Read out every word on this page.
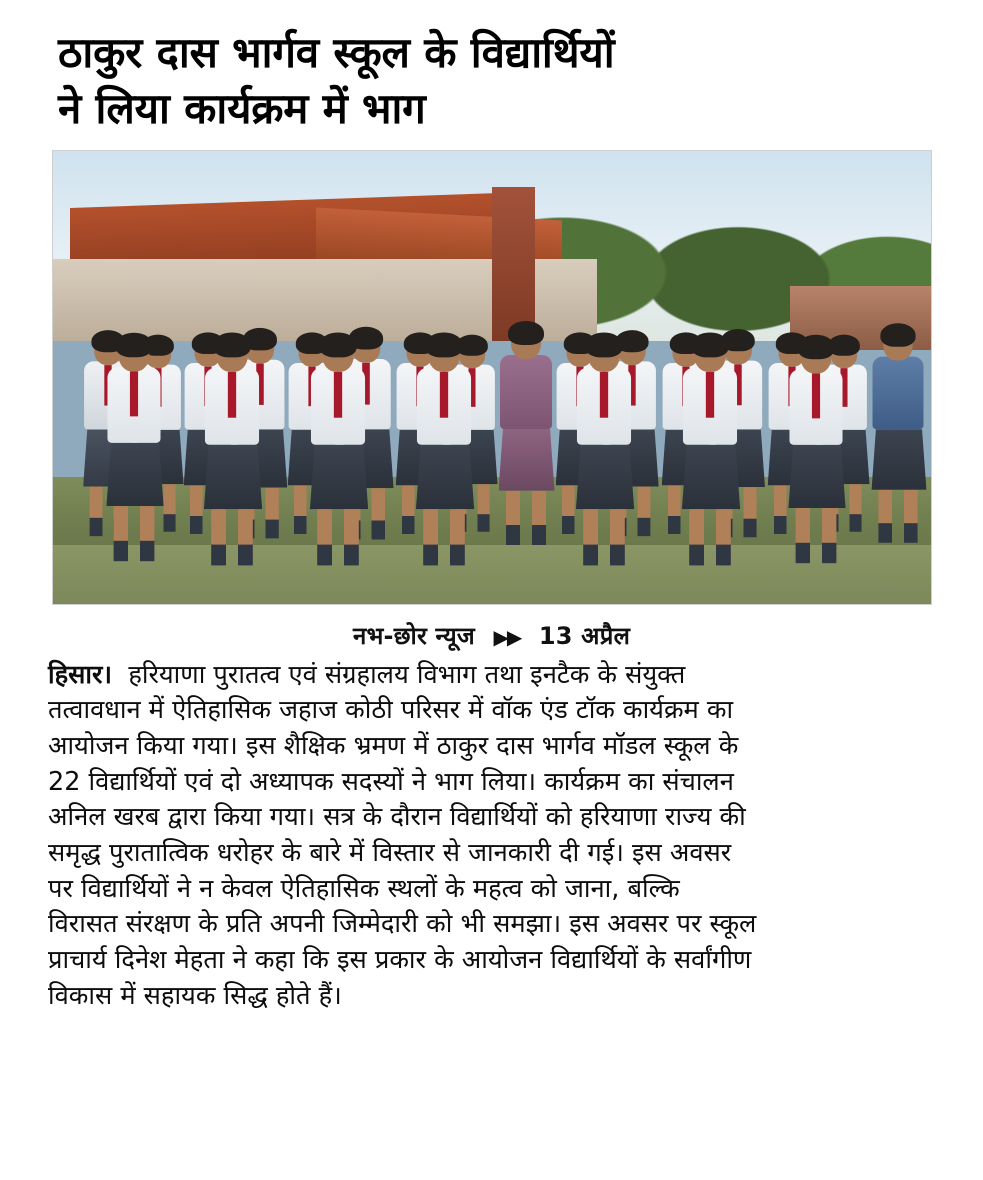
ठाकुर दास भार्गव स्कूल के विद्यार्थियों
ने लिया कार्यक्रम में भाग
नभ-छोर न्यूज ▶▶ 13 अप्रैल

हिसार। हरियाणा पुरातत्व एवं संग्रहालय विभाग तथा इनटैक के संयुक्त
तत्वावधान में ऐतिहासिक जहाज कोठी परिसर में वॉक एंड टॉक कार्यक्रम का
आयोजन किया गया। इस शैक्षिक भ्रमण में ठाकुर दास भार्गव मॉडल स्कूल के
22 विद्यार्थियों एवं दो अध्यापक सदस्यों ने भाग लिया। कार्यक्रम का संचालन
अनिल खरब द्वारा किया गया। सत्र के दौरान विद्यार्थियों को हरियाणा राज्य की
समृद्ध पुरातात्विक धरोहर के बारे में विस्तार से जानकारी दी गई। इस अवसर
पर विद्यार्थियों ने न केवल ऐतिहासिक स्थलों के महत्व को जाना, बल्कि
विरासत संरक्षण के प्रति अपनी जिम्मेदारी को भी समझा। इस अवसर पर स्कूल
प्राचार्य दिनेश मेहता ने कहा कि इस प्रकार के आयोजन विद्यार्थियों के सर्वांगीण
विकास में सहायक सिद्ध होते हैं।
